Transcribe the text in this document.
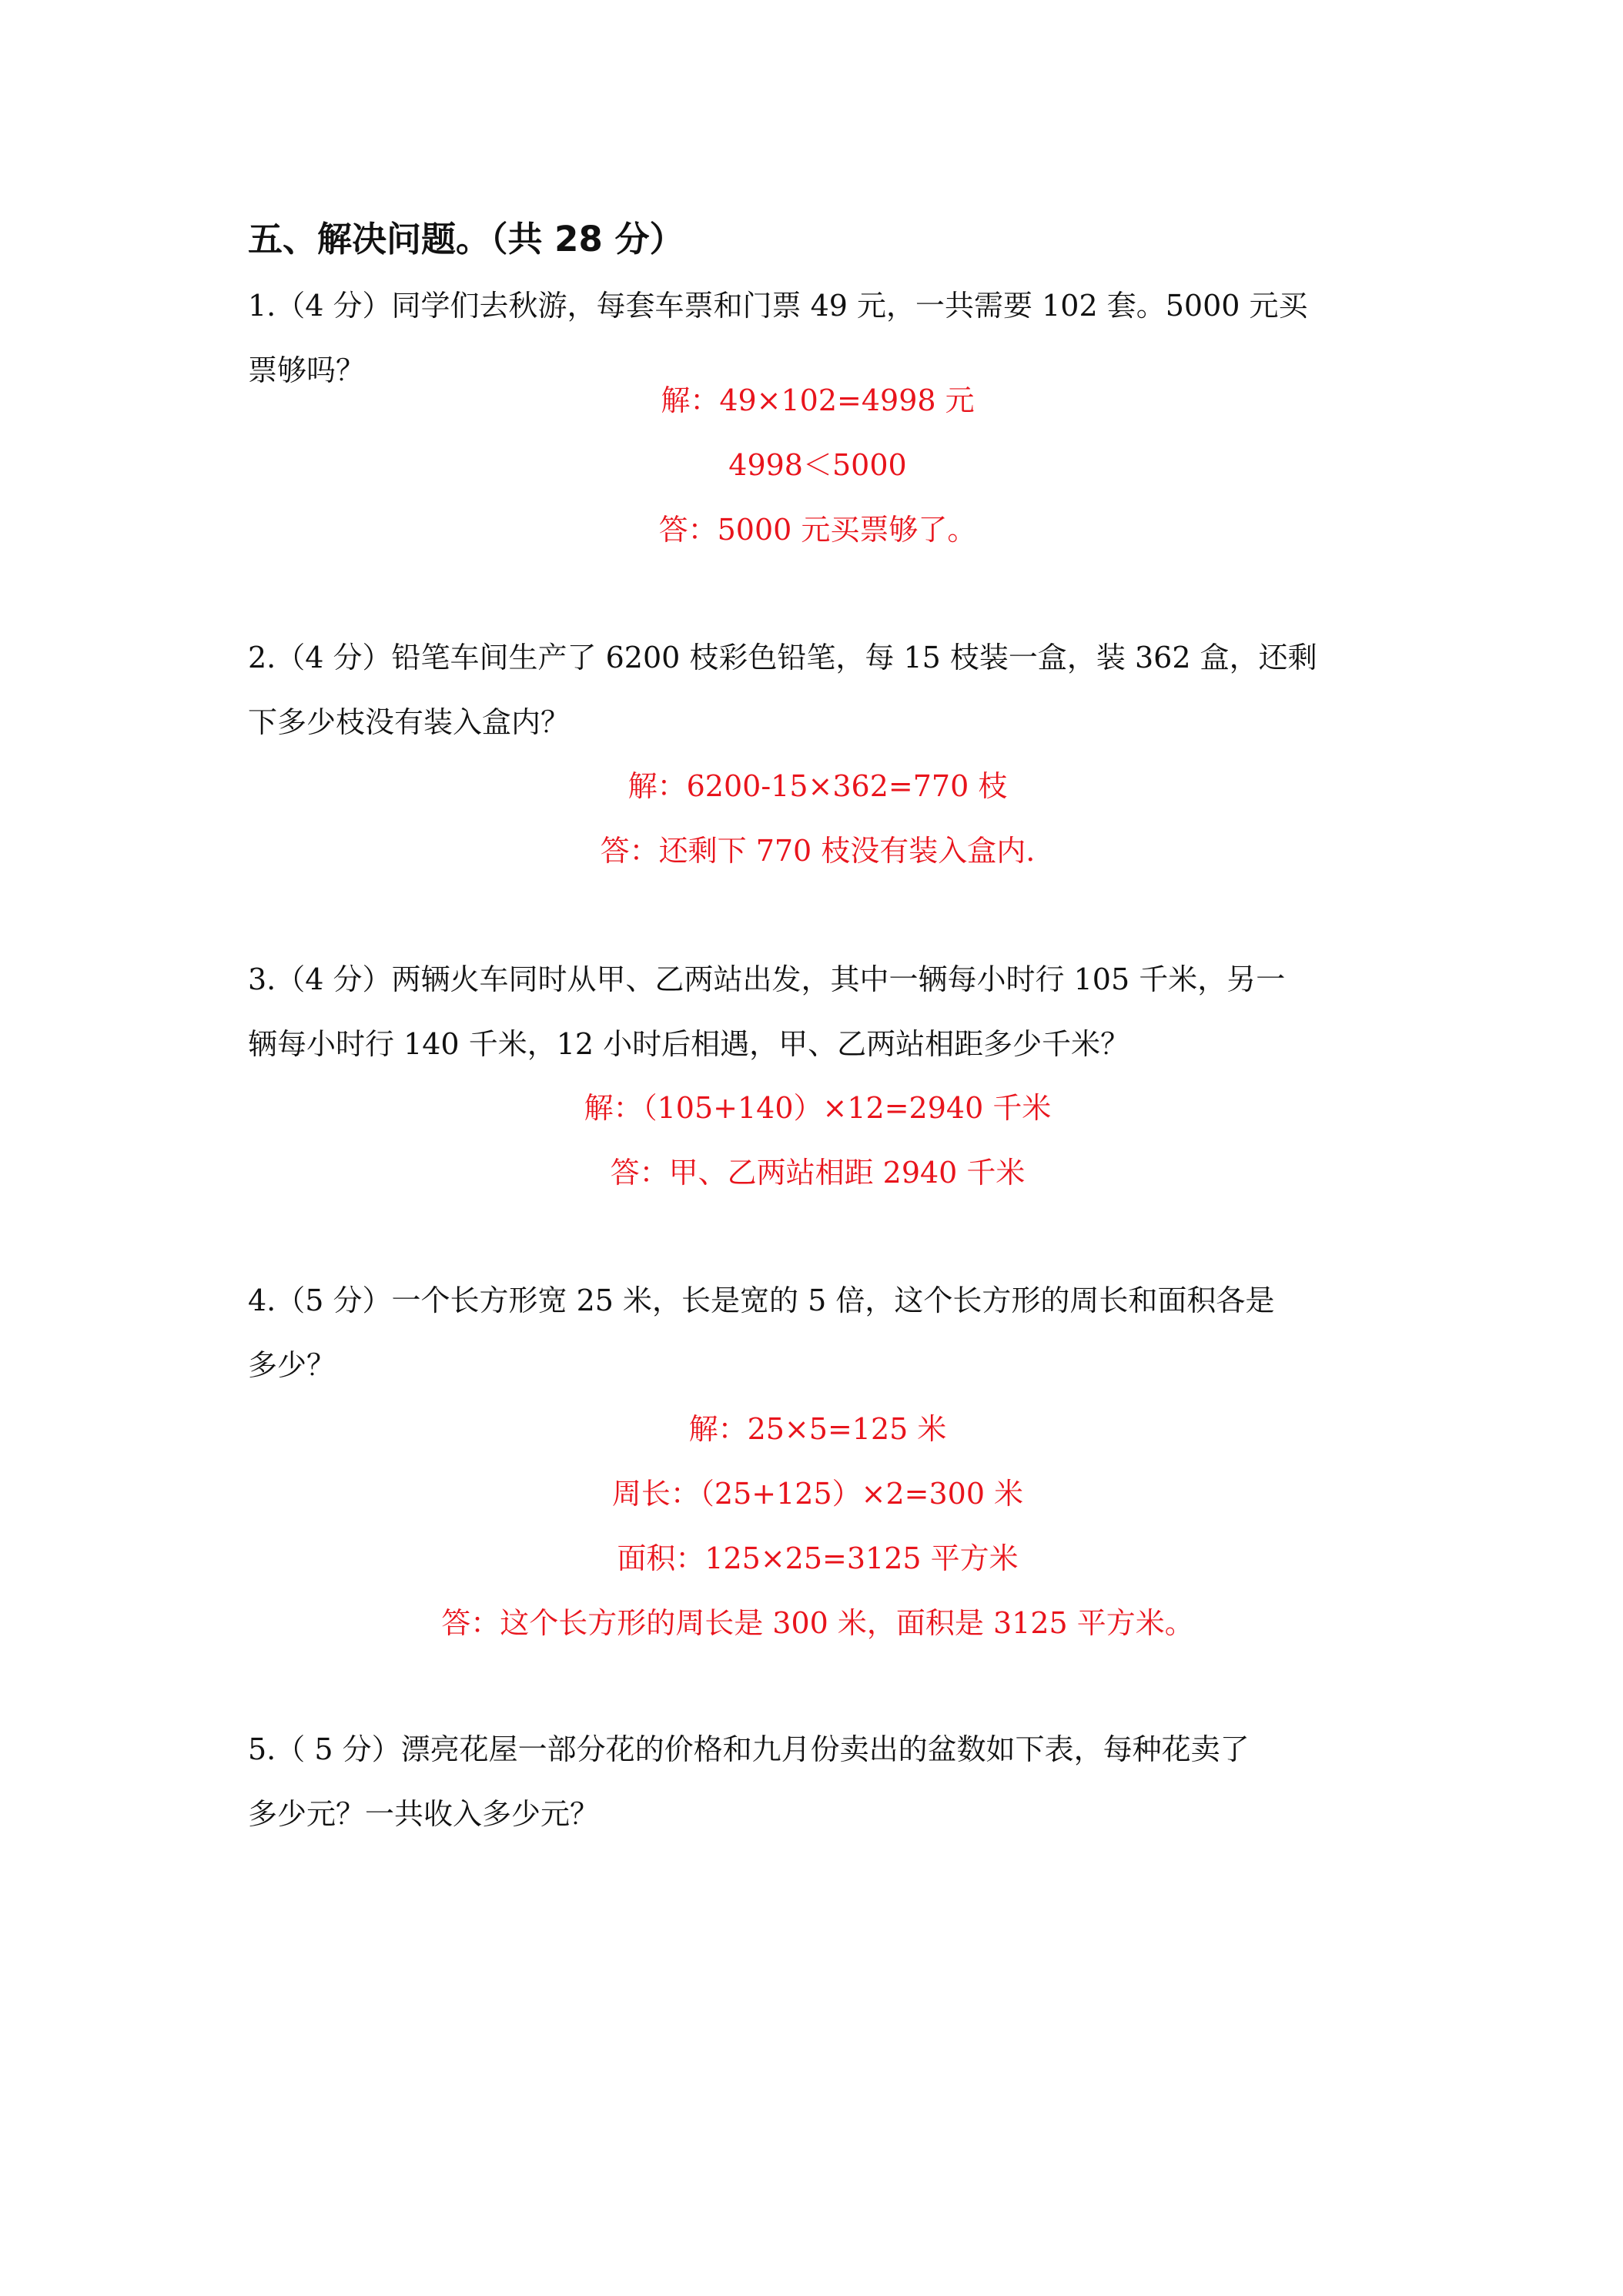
五、解决问题。（共 28 分）
1.（4 分）同学们去秋游，每套车票和门票 49 元，一共需要 102 套。5000 元买
票够吗？
解：49×102=4998 元
4998＜5000
答：5000 元买票够了。
2.（4 分）铅笔车间生产了 6200 枝彩色铅笔，每 15 枝装一盒，装 362 盒，还剩
下多少枝没有装入盒内？
解：6200-15×362=770 枝
答：还剩下 770 枝没有装入盒内.
3.（4 分）两辆火车同时从甲、乙两站出发，其中一辆每小时行 105 千米，另一
辆每小时行 140 千米，12 小时后相遇，甲、乙两站相距多少千米？
解：（105+140）×12=2940 千米
答：甲、乙两站相距 2940 千米
4.（5 分）一个长方形宽 25 米，长是宽的 5 倍，这个长方形的周长和面积各是
多少？
解：25×5=125 米
周长：（25+125）×2=300 米
面积：125×25=3125 平方米
答：这个长方形的周长是 300 米，面积是 3125 平方米。
5.（ 5 分）漂亮花屋一部分花的价格和九月份卖出的盆数如下表，每种花卖了
多少元？一共收入多少元？
